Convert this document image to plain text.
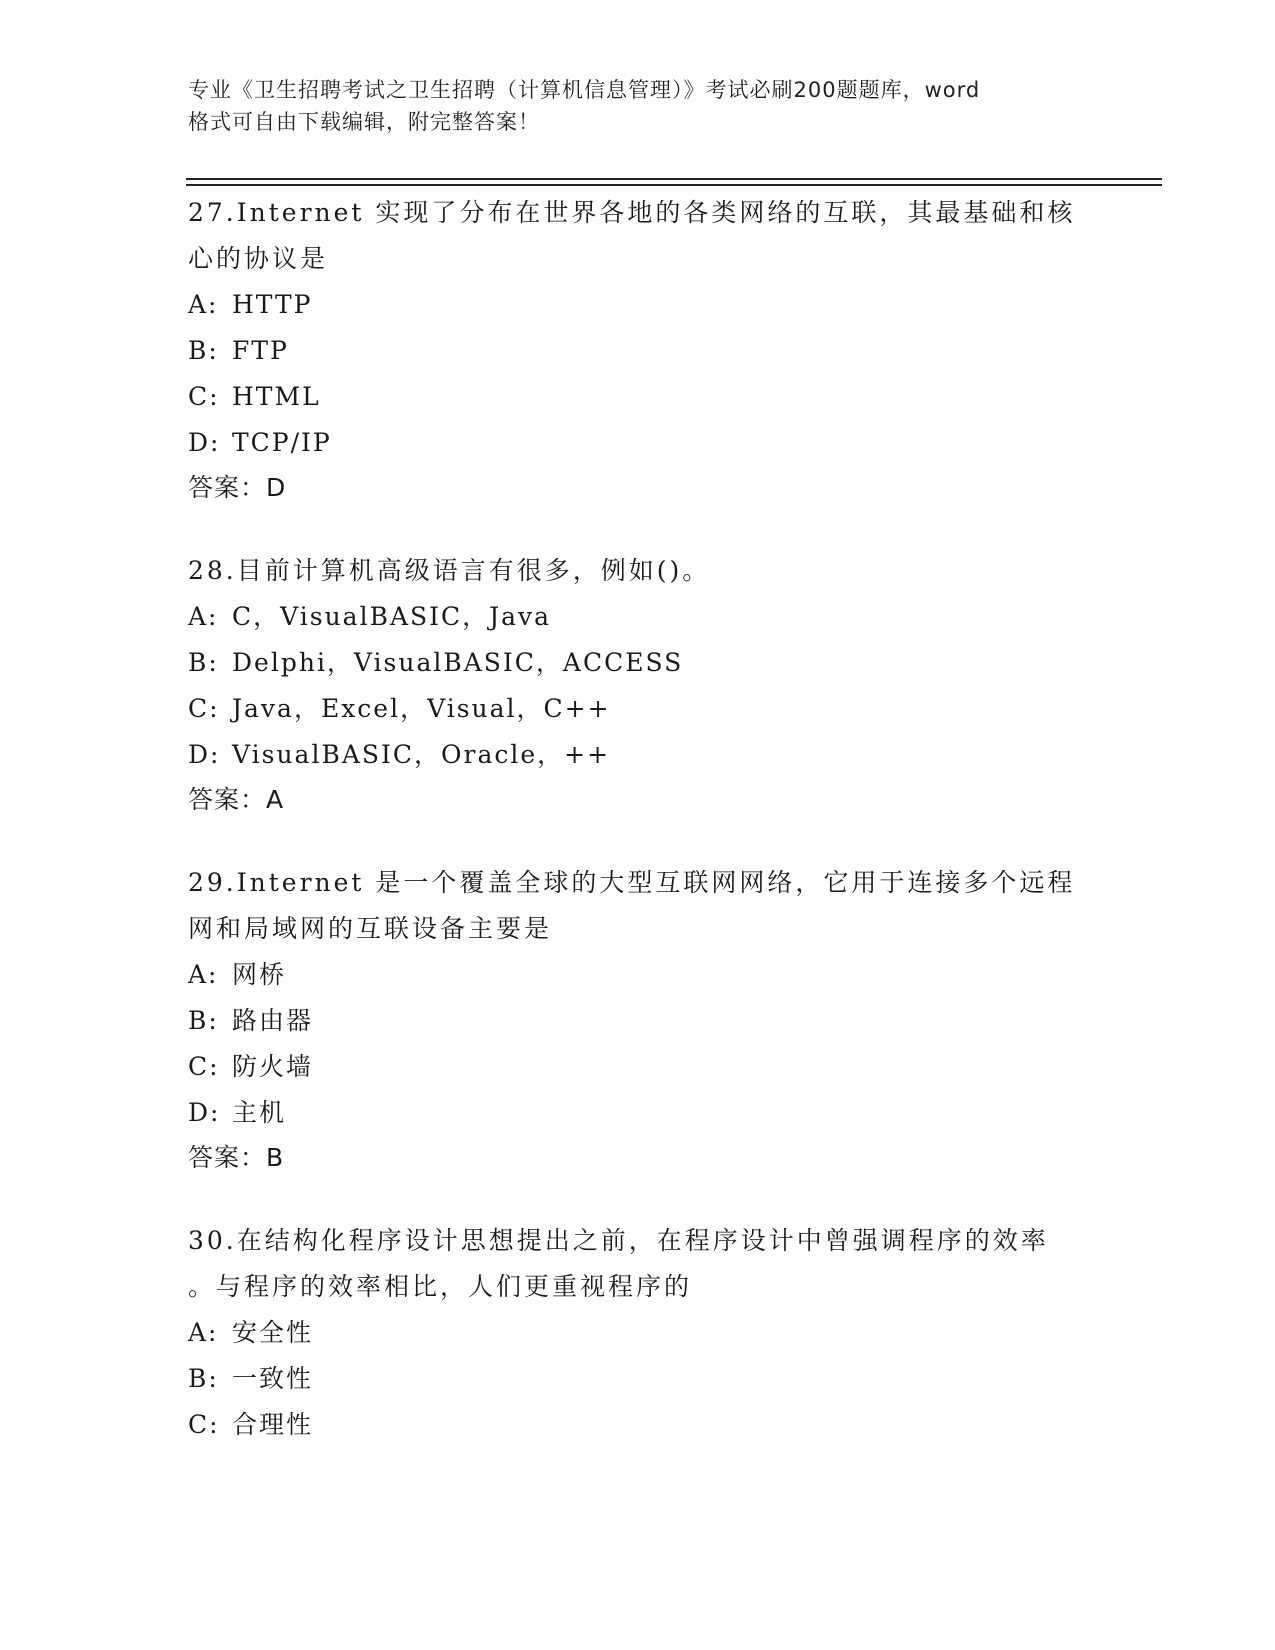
专业《卫生招聘考试之卫生招聘（计算机信息管理）》考试必刷200题题库，word
格式可自由下载编辑，附完整答案！

27.Internet 实现了分布在世界各地的各类网络的互联，其最基础和核

心的协议是

A: HTTP

B: FTP

C: HTML

D: TCP/IP

答案：D

28.目前计算机高级语言有很多，例如()。

A: C，VisualBASIC，Java

B: Delphi，VisualBASIC，ACCESS

C: Java，Excel，Visual，C++

D: VisualBASIC，Oracle，++

答案：A

29.Internet 是一个覆盖全球的大型互联网网络，它用于连接多个远程

网和局域网的互联设备主要是

A: 网桥

B: 路由器

C: 防火墙

D: 主机

答案：B

30.在结构化程序设计思想提出之前，在程序设计中曾强调程序的效率

。与程序的效率相比，人们更重视程序的

A: 安全性

B: 一致性

C: 合理性
